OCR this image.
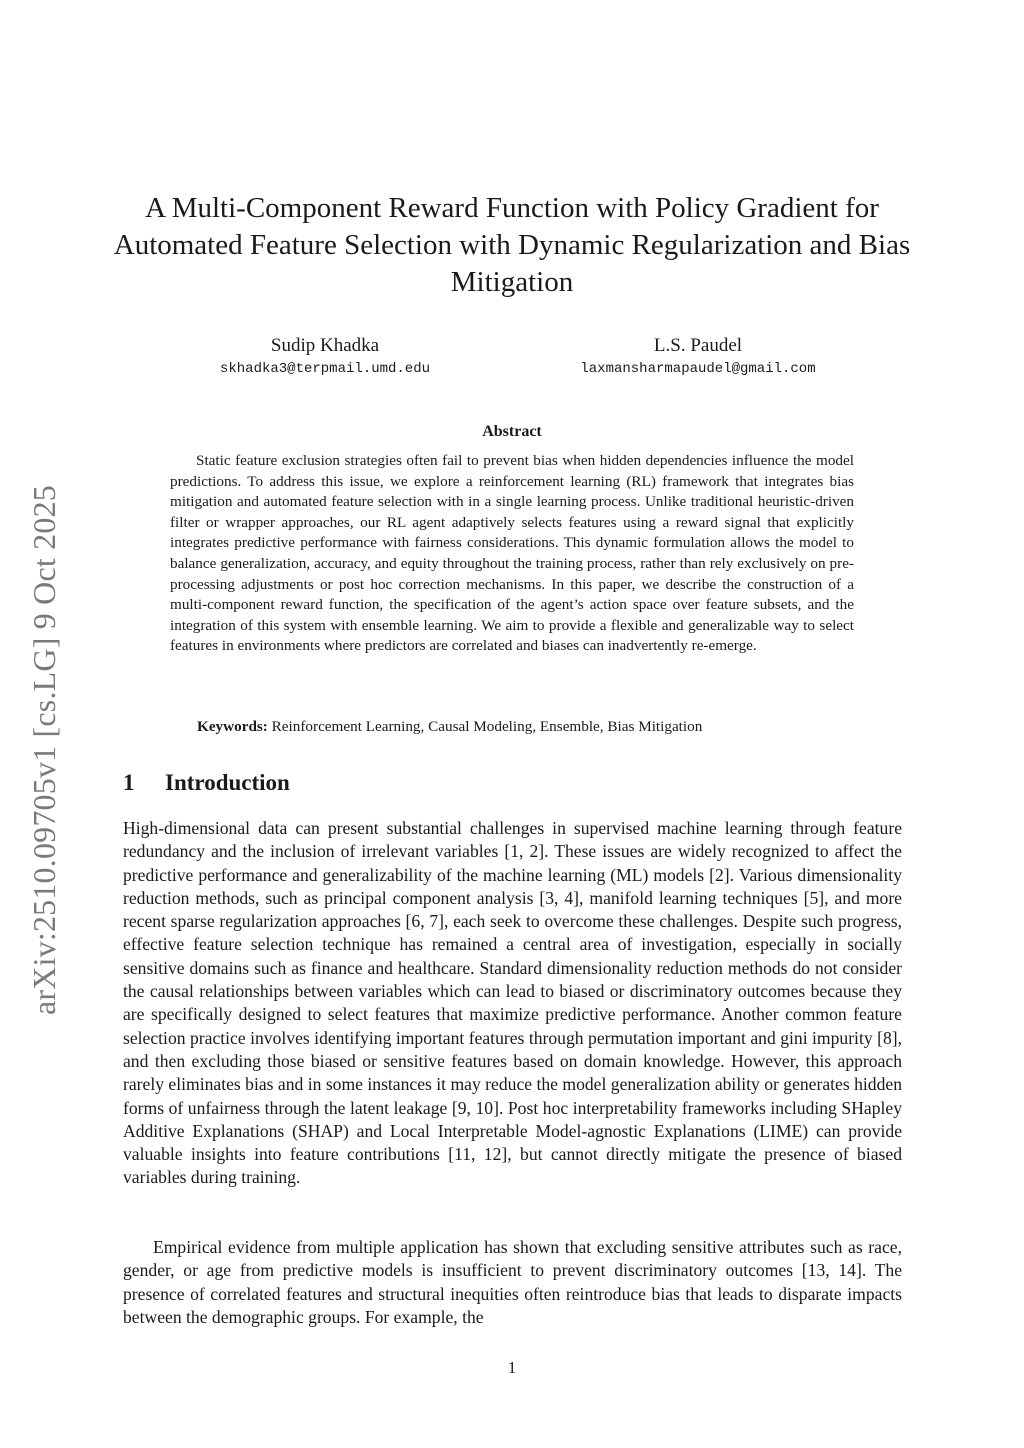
arXiv:2510.09705v1 [cs.LG] 9 Oct 2025
A Multi-Component Reward Function with Policy Gradient for Automated Feature Selection with Dynamic Regularization and Bias Mitigation
Sudip Khadka
skhadka3@terpmail.umd.edu
L.S. Paudel
laxmansharmapaudel@gmail.com
Abstract

Static feature exclusion strategies often fail to prevent bias when hidden dependencies influence the model predictions. To address this issue, we explore a reinforcement learning (RL) framework that integrates bias mitigation and automated feature selection with in a single learning process. Unlike traditional heuristic-driven filter or wrapper approaches, our RL agent adaptively selects features using a reward signal that explicitly integrates predictive performance with fairness considerations. This dynamic formulation allows the model to balance generalization, accuracy, and equity throughout the training process, rather than rely exclusively on pre-processing adjustments or post hoc correction mechanisms. In this paper, we describe the construction of a multi-component reward function, the specification of the agent’s action space over feature subsets, and the integration of this system with ensemble learning. We aim to provide a flexible and generalizable way to select features in environments where predictors are correlated and biases can inadvertently re-emerge.

Keywords: Reinforcement Learning, Causal Modeling, Ensemble, Bias Mitigation

1 Introduction

High-dimensional data can present substantial challenges in supervised machine learning through feature redundancy and the inclusion of irrelevant variables [1, 2]. These issues are widely recognized to affect the predictive performance and generalizability of the machine learning (ML) models [2]. Various dimensionality reduction methods, such as principal component analysis [3, 4], manifold learning techniques [5], and more recent sparse regularization approaches [6, 7], each seek to overcome these challenges. Despite such progress, effective feature selection technique has remained a central area of investigation, especially in socially sensitive domains such as finance and healthcare. Standard dimensionality reduction methods do not consider the causal relationships between variables which can lead to biased or discriminatory outcomes because they are specifically designed to select features that maximize predictive performance. Another common feature selection practice involves identifying important features through permutation important and gini impurity [8], and then excluding those biased or sensitive features based on domain knowledge. However, this approach rarely eliminates bias and in some instances it may reduce the model generalization ability or generates hidden forms of unfairness through the latent leakage [9, 10]. Post hoc interpretability frameworks including SHapley Additive Explanations (SHAP) and Local Interpretable Model-agnostic Explanations (LIME) can provide valuable insights into feature contributions [11, 12], but cannot directly mitigate the presence of biased variables during training.

Empirical evidence from multiple application has shown that excluding sensitive attributes such as race, gender, or age from predictive models is insufficient to prevent discriminatory outcomes [13, 14]. The presence of correlated features and structural inequities often reintroduce bias that leads to disparate impacts between the demographic groups. For example, the

1
